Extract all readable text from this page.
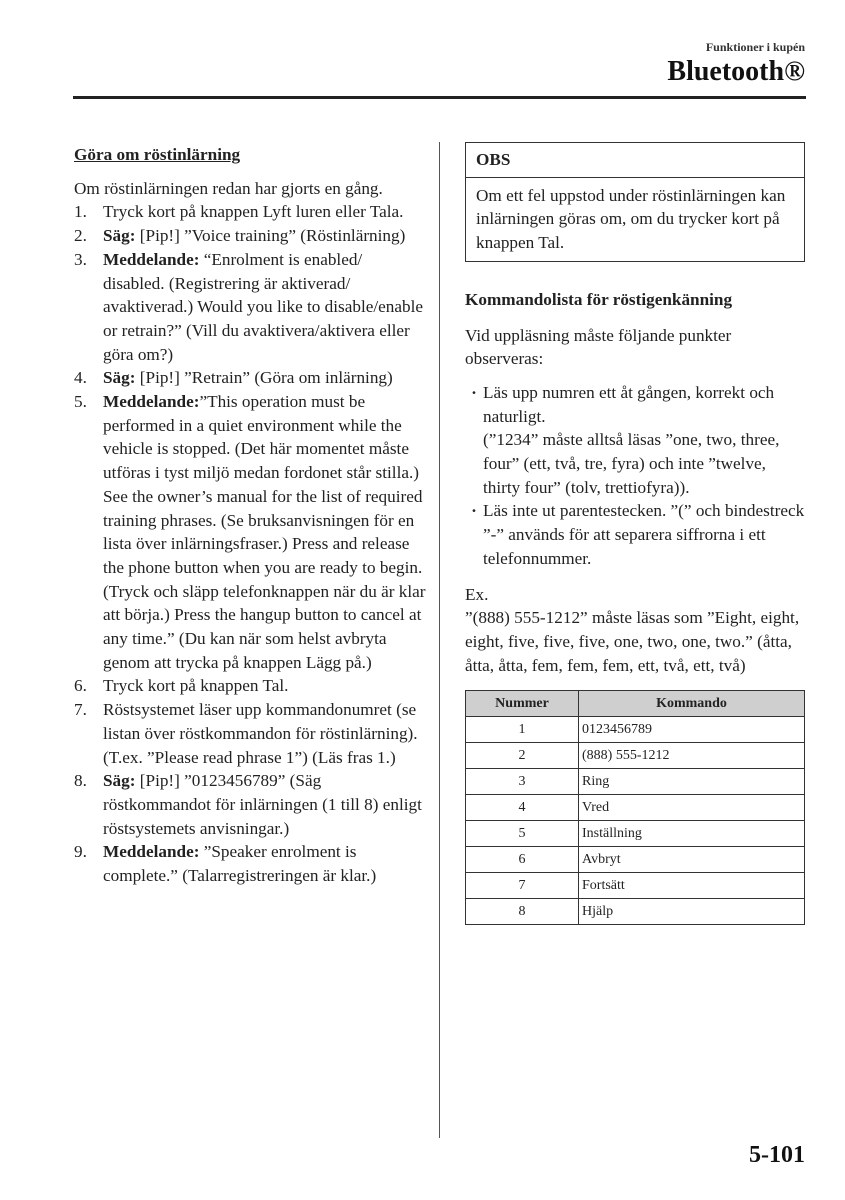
Funktioner i kupén
Bluetooth®
Göra om röstinlärning
Om röstinlärningen redan har gjorts en gång.
1. Tryck kort på knappen Lyft luren eller Tala.
2. Säg: [Pip!] ”Voice training” (Röstinlärning)
3. Meddelande: “Enrolment is enabled/ disabled. (Registrering är aktiverad/ avaktiverad.) Would you like to disable/enable or retrain?” (Vill du avaktivera/aktivera eller göra om?)
4. Säg: [Pip!] ”Retrain” (Göra om inlärning)
5. Meddelande:”This operation must be performed in a quiet environment while the vehicle is stopped. (Det här momentet måste utföras i tyst miljö medan fordonet står stilla.) See the owner’s manual for the list of required training phrases. (Se bruksanvisningen för en lista över inlärningsfraser.) Press and release the phone button when you are ready to begin. (Tryck och släpp telefonknappen när du är klar att börja.) Press the hangup button to cancel at any time.” (Du kan när som helst avbryta genom att trycka på knappen Lägg på.)
6. Tryck kort på knappen Tal.
7. Röstsystemet läser upp kommandonumret (se listan över röstkommandon för röstinlärning). (T.ex. ”Please read phrase 1”) (Läs fras 1.)
8. Säg: [Pip!] ”0123456789” (Säg röstkommandot för inlärningen (1 till 8) enligt röstsystemets anvisningar.)
9. Meddelande: ”Speaker enrolment is complete.” (Talarregistreringen är klar.)
OBS
Om ett fel uppstod under röstinlärningen kan inlärningen göras om, om du trycker kort på knappen Tal.
Kommandolista för röstigenkänning
Vid uppläsning måste följande punkter observeras:
· Läs upp numren ett åt gången, korrekt och naturligt.
(”1234” måste alltså läsas ”one, two, three, four” (ett, två, tre, fyra) och inte ”twelve, thirty four” (tolv, trettiofyra)).
· Läs inte ut parentestecken. ”(” och bindestreck ”-” används för att separera siffrorna i ett telefonnummer.
Ex.
”(888) 555-1212” måste läsas som ”Eight, eight, eight, five, five, five, one, two, one, two.” (åtta, åtta, åtta, fem, fem, fem, ett, två, ett, två)
Nummer	Kommando
1	0123456789
2	(888) 555-1212
3	Ring
4	Vred
5	Inställning
6	Avbryt
7	Fortsätt
8	Hjälp
5-101
